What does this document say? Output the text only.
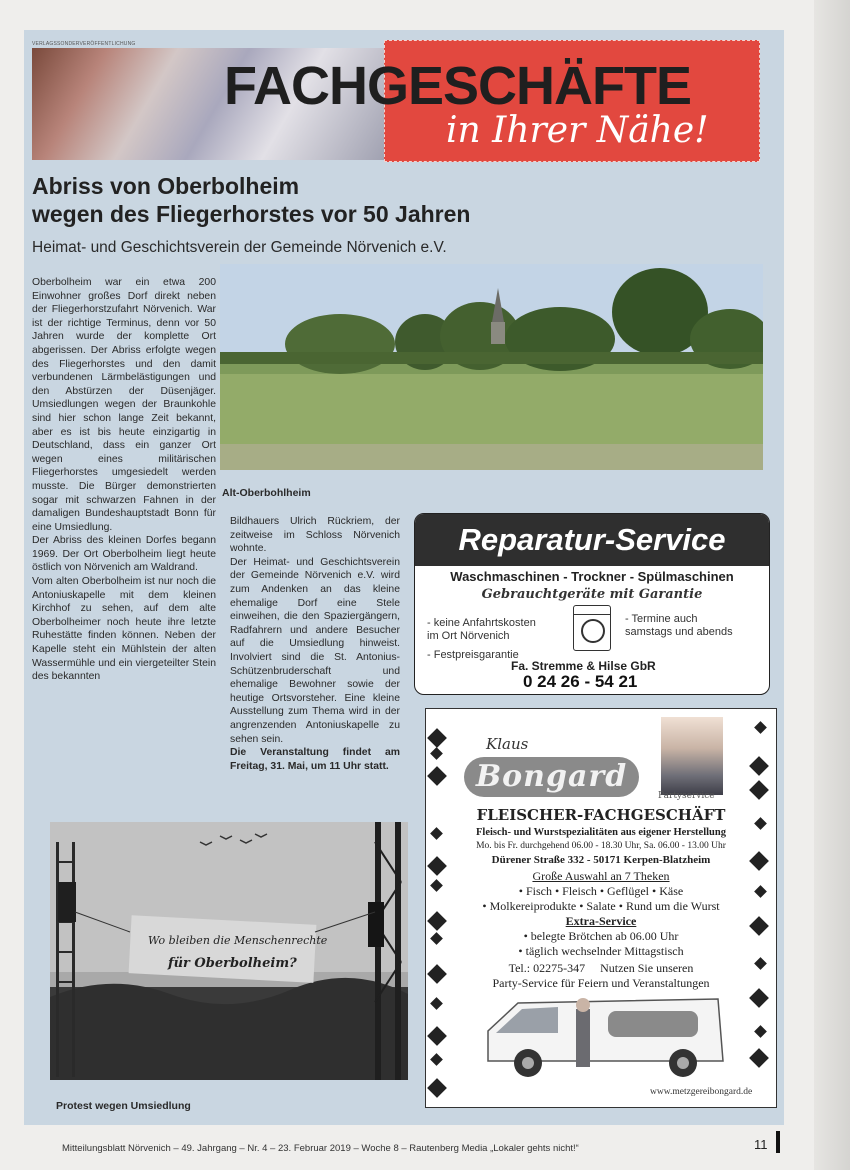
FACHGESCHÄFTE
in Ihrer Nähe!
VERLAGSSONDERVERÖFFENTLICHUNG
Abriss von Oberbolheim
wegen des Fliegerhorstes vor 50 Jahren
Heimat- und Geschichtsverein der Gemeinde Nörvenich e.V.

Oberbolheim war ein etwa 200 Einwohner großes Dorf direkt neben der Fliegerhorstzufahrt Nörvenich. War ist der richtige Terminus, denn vor 50 Jahren wurde der komplette Ort abgerissen. Der Abriss erfolgte wegen des Fliegerhorstes und den damit verbundenen Lärmbelästigungen und den Abstürzen der Düsenjäger. Umsiedlungen wegen der Braunkohle sind hier schon lange Zeit bekannt, aber es ist bis heute einzigartig in Deutschland, dass ein ganzer Ort wegen eines militärischen Fliegerhorstes umgesiedelt werden musste. Die Bürger demonstrierten sogar mit schwarzen Fahnen in der damaligen Bundeshauptstadt Bonn für eine Umsiedlung.

Der Abriss des kleinen Dorfes begann 1969. Der Ort Oberbolheim liegt heute östlich von Nörvenich am Waldrand.

Vom alten Oberbolheim ist nur noch die Antoniuskapelle mit dem kleinen Kirchhof zu sehen, auf dem alte Oberbolheimer noch heute ihre letzte Ruhestätte finden können. Neben der Kapelle steht ein Mühlstein der alten Wassermühle und ein viergeteilter Stein des bekannten

Alt-Oberbohlheim

Bildhauers Ulrich Rückriem, der zeitweise im Schloss Nörvenich wohnte.

Der Heimat- und Geschichtsverein der Gemeinde Nörvenich e.V. wird zum Andenken an das kleine ehemalige Dorf eine Stele einweihen, die den Spaziergängern, Radfahrern und andere Besucher auf die Umsiedlung hinweist. Involviert sind die St. Antonius-Schützenbruderschaft und ehemalige Bewohner sowie der heutige Ortsvorsteher. Eine kleine Ausstellung zum Thema wird in der angrenzenden Antoniuskapelle zu sehen sein.

Die Veranstaltung findet am Freitag, 31. Mai, um 11 Uhr statt.

Reparatur-Service
Waschmaschinen - Trockner - Spülmaschinen
Gebrauchtgeräte mit Garantie
- keine Anfahrtskosten
im Ort Nörvenich
- Termine auch
samstags und abends
- Festpreisgarantie
Fa. Stremme & Hilse GbR
0 24 26 - 54 21
Klaus
Bongard
Partyservice
FLEISCHER-FACHGESCHÄFT
Fleisch- und Wurstspezialitäten aus eigener Herstellung
Mo. bis Fr. durchgehend 06.00 - 18.30 Uhr, Sa. 06.00 - 13.00 Uhr
Dürener Straße 332 - 50171 Kerpen-Blatzheim
Große Auswahl an 7 Theken
• Fisch • Fleisch • Geflügel • Käse
• Molkereiprodukte • Salate • Rund um die Wurst
Extra-Service
• belegte Brötchen ab 06.00 Uhr
• täglich wechselnder Mittagstisch
Tel.: 02275-347     Nutzen Sie unseren
Party-Service für Feiern und Veranstaltungen
www.metzgereibongard.de
Wo bleiben die Menschenrechte
für Oberbolheim?
Protest wegen Umsiedlung
Mitteilungsblatt Nörvenich – 49. Jahrgang – Nr. 4 – 23. Februar 2019 – Woche 8 – Rautenberg Media „Lokaler gehts nicht!“	11
